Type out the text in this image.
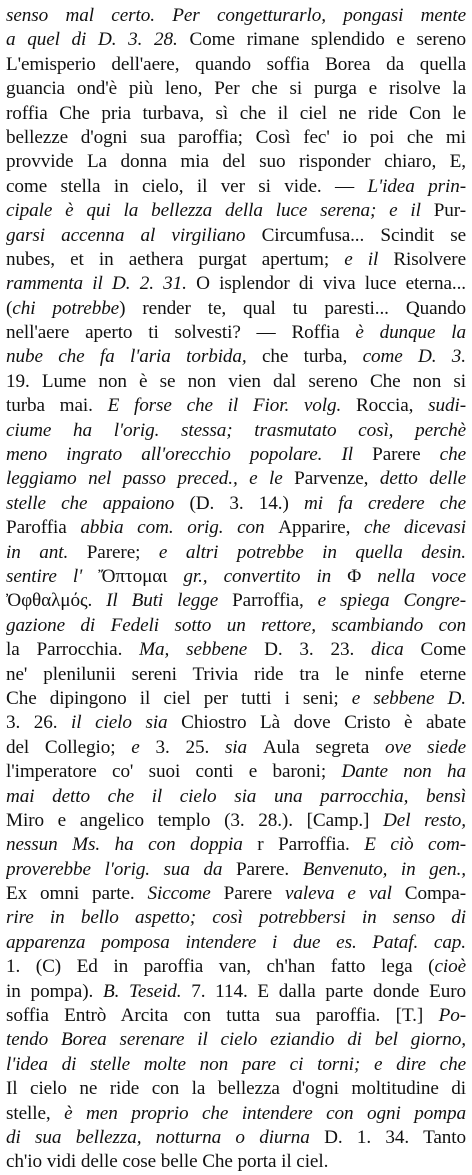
senso mal certo. Per congetturarlo, pongasi mente
a quel di D. 3. 28. Come rimane splendido e sereno
L'emisperio dell'aere, quando soffia Borea da quella
guancia ond'è più leno, Per che si purga e risolve la
roffia Che pria turbava, sì che il ciel ne ride Con le
bellezze d'ogni sua paroffia; Così fec' io poi che mi
provvide La donna mia del suo risponder chiaro, E,
come stella in cielo, il ver si vide. — L'idea prin-
cipale è qui la bellezza della luce serena; e il Pur-
garsi accenna al virgiliano Circumfusa... Scindit se
nubes, et in aethera purgat apertum; e il Risolvere
rammenta il D. 2. 31. O isplendor di viva luce eterna...
(chi potrebbe) render te, qual tu paresti... Quando
nell'aere aperto ti solvesti? — Roffia è dunque la
nube che fa l'aria torbida, che turba, come D. 3.
19. Lume non è se non vien dal sereno Che non si
turba mai. E forse che il Fior. volg. Roccia, sudi-
ciume ha l'orig. stessa; trasmutato così, perchè
meno ingrato all'orecchio popolare. Il Parere che
leggiamo nel passo preced., e le Parvenze, detto delle
stelle che appaiono (D. 3. 14.) mi fa credere che
Paroffia abbia com. orig. con Apparire, che dicevasi
in ant. Parere; e altri potrebbe in quella desin.
sentire l' Ὄπτομαι gr., convertito in Φ nella voce
Ὀφθαλμός. Il Buti legge Parroffia, e spiega Congre-
gazione di Fedeli sotto un rettore, scambiando con
la Parrocchia. Ma, sebbene D. 3. 23. dica Come
ne' plenilunii sereni Trivia ride tra le ninfe eterne
Che dipingono il ciel per tutti i seni; e sebbene D.
3. 26. il cielo sia Chiostro Là dove Cristo è abate
del Collegio; e 3. 25. sia Aula segreta ove siede
l'imperatore co' suoi conti e baroni; Dante non ha
mai detto che il cielo sia una parrocchia, bensì
Miro e angelico templo (3. 28.). [Camp.] Del resto,
nessun Ms. ha con doppia r Parroffia. E ciò com-
proverebbe l'orig. sua da Parere. Benvenuto, in gen.,
Ex omni parte. Siccome Parere valeva e val Compa-
rire in bello aspetto; così potrebbersi in senso di
apparenza pomposa intendere i due es. Pataf. cap.
1. (C) Ed in paroffia van, ch'han fatto lega (cioè
in pompa). B. Teseid. 7. 114. E dalla parte donde Euro
soffia Entrò Arcita con tutta sua paroffia. [T.] Po-
tendo Borea serenare il cielo eziandio di bel giorno,
l'idea di stelle molte non pare ci torni; e dire che
Il cielo ne ride con la bellezza d'ogni moltitudine di
stelle, è men proprio che intendere con ogni pompa
di sua bellezza, notturna o diurna D. 1. 34. Tanto
ch'io vidi delle cose belle Che porta il ciel.
